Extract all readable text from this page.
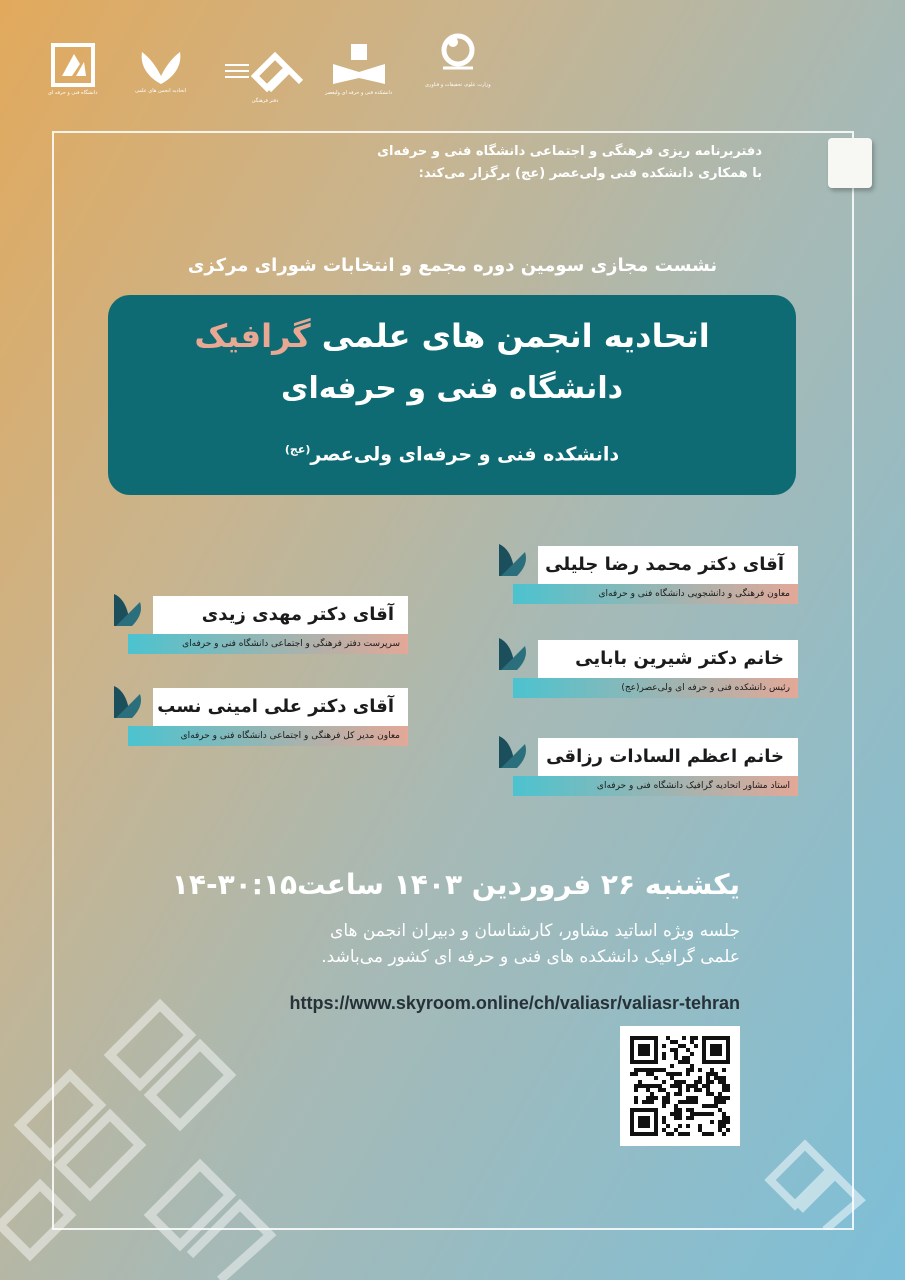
دانشگاه فنی و حرفه ای	اتحادیه انجمن های علمی
دفتر فرهنگی
دانشکده فنی و حرفه ای ولیعصر
وزارت علوم، تحقیقات و فناوری
دفتربرنامه ریزی فرهنگی و اجتماعی دانشگاه فنی و حرفه‌ای
با همکاری دانشکده فنی ولی‌عصر (عج) برگزار می‌کند:
نشست مجازی سومین دوره مجمع و انتخابات شورای مرکزی
اتحادیه انجمن های علمی گرافیک
دانشگاه فنی و حرفه‌ای
دانشکده فنی و حرفه‌ای ولی‌عصر$^{(عج)}$
آقای دکتر محمد رضا جلیلی
معاون فرهنگی و دانشجویی دانشگاه فنی و حرفه‌ای
خانم دکتر شیرین بابایی
رئیس دانشکده فنی و حرفه ای ولی‌عصر(عج)
خانم اعظم السادات رزاقی
استاد مشاور اتحادیه گرافیک دانشگاه فنی و حرفه‌ای
آقای دکتر مهدی زیدی
سرپرست دفتر فرهنگی و اجتماعی دانشگاه فنی و حرفه‌ای
آقای دکتر علی امینی نسب
معاون مدیر کل فرهنگی و اجتماعی دانشگاه فنی و حرفه‌ای
یکشنبه ۲۶ فروردین ۱۴۰۳ ساعت۳۰:۱۵-۱۴
جلسه ویژه اساتید مشاور، کارشناسان و دبیران انجمن های
علمی گرافیک دانشکده های فنی و حرفه ای کشور می‌باشد.
https://www.skyroom.online/ch/valiasr/valiasr-tehran
